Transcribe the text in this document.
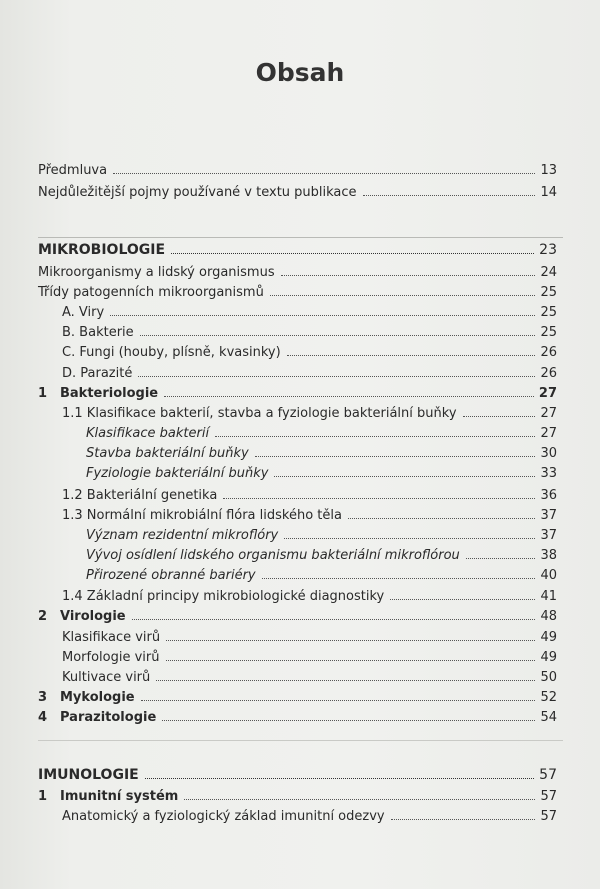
Obsah
Předmluva	13
Nejdůležitější pojmy používané v textu publikace	14
MIKROBIOLOGIE	23
Mikroorganismy a lidský organismus	24
Třídy patogenních mikroorganismů	25
A. Viry	25
B. Bakterie	25
C. Fungi (houby, plísně, kvasinky)	26
D. Parazité	26
1 Bakteriologie	27
1.1 Klasifikace bakterií, stavba a fyziologie bakteriální buňky	27
Klasifikace bakterií	27
Stavba bakteriální buňky	30
Fyziologie bakteriální buňky	33
1.2 Bakteriální genetika	36
1.3 Normální mikrobiální flóra lidského těla	37
Význam rezidentní mikroflóry	37
Vývoj osídlení lidského organismu bakteriální mikroflórou	38
Přirozené obranné bariéry	40
1.4 Základní principy mikrobiologické diagnostiky	41
2 Virologie	48
Klasifikace virů	49
Morfologie virů	49
Kultivace virů	50
3 Mykologie	52
4 Parazitologie	54
IMUNOLOGIE	57
1 Imunitní systém	57
Anatomický a fyziologický základ imunitní odezvy	57
